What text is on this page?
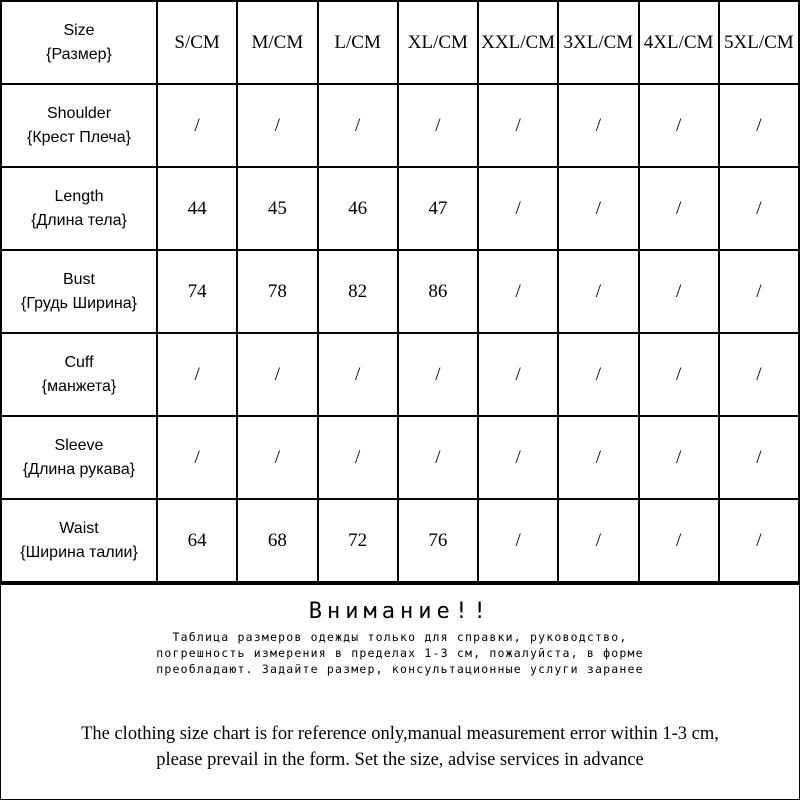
Size
{Размер}	S/CM	M/CM	L/CM	XL/CM	XXL/CM	3XL/CM	4XL/CM	5XL/CM

Shoulder
{Крест Плеча}	/	/	/	/	/	/	/	/

Length
{Длина тела}	44	45	46	47	/	/	/	/

Bust
{Грудь Ширина}	74	78	82	86	/	/	/	/

Cuff
{манжета}	/	/	/	/	/	/	/	/

Sleeve
{Длина рукава}	/	/	/	/	/	/	/	/

Waist
{Ширина талии}	64	68	72	76	/	/	/	/
Внимание!!
Таблица размеров одежды только для справки, руководство,
погрешность измерения в пределах 1-3 см, пожалуйста, в форме
преобладают. Задайте размер, консультационные услуги заранее
The clothing size chart is for reference only,manual measurement error within 1-3 cm,
please prevail in the form. Set the size, advise services in advance
